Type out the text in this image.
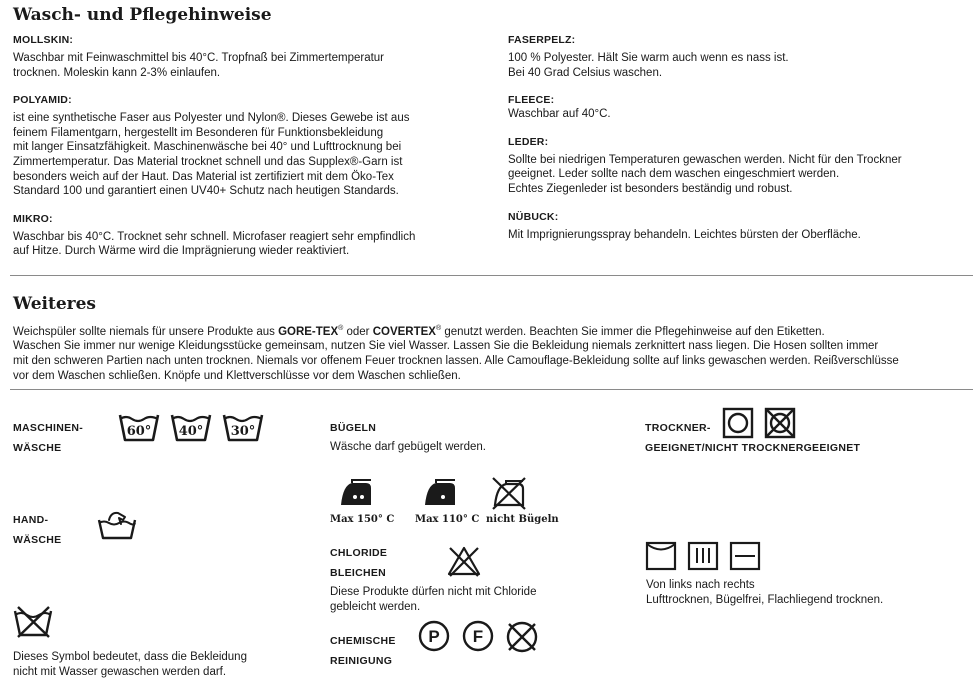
Wasch- und Pflegehinweise
MOLLSKIN:
Waschbar mit Feinwaschmittel bis 40°C. Tropfnaß bei Zimmertemperatur
trocknen. Moleskin kann 2-3% einlaufen.
POLYAMID:
ist eine synthetische Faser aus Polyester und Nylon®. Dieses Gewebe ist aus
feinem Filamentgarn, hergestellt im Besonderen für Funktionsbekleidung
mit langer Einsatzfähigkeit. Maschinenwäsche bei 40° und Lufttrocknung bei
Zimmertemperatur. Das Material trocknet schnell und das Supplex®-Garn ist
besonders weich auf der Haut. Das Material ist zertifiziert mit dem Öko-Tex
Standard 100 und garantiert einen UV40+ Schutz nach heutigen Standards.
MIKRO:
Waschbar bis 40°C. Trocknet sehr schnell. Microfaser reagiert sehr empfindlich
auf Hitze. Durch Wärme wird die Imprägnierung wieder reaktiviert.
FASERPELZ:
100 % Polyester. Hält Sie warm auch wenn es nass ist.
Bei 40 Grad Celsius waschen.
FLEECE:
Waschbar auf 40°C.
LEDER:
Sollte bei niedrigen Temperaturen gewaschen werden. Nicht für den Trockner
geeignet. Leder sollte nach dem waschen eingeschmiert werden.
Echtes Ziegenleder ist besonders beständig und robust.
NÜBUCK:
Mit Imprignierungsspray behandeln. Leichtes bürsten der Oberfläche.
Weiteres
Weichspüler sollte niemals für unsere Produkte aus GORE-TEX® oder COVERTEX® genutzt werden. Beachten Sie immer die Pflegehinweise auf den Etiketten.
Waschen Sie immer nur wenige Kleidungsstücke gemeinsam, nutzen Sie viel Wasser. Lassen Sie die Bekleidung niemals zerknittert nass liegen. Die Hosen sollten immer
mit den schweren Partien nach unten trocknen. Niemals vor offenem Feuer trocknen lassen. Alle Camouflage-Bekleidung sollte auf links gewaschen werden. Reißverschlüsse
vor dem Waschen schließen. Knöpfe und Klettverschlüsse vor dem Waschen schließen.
MASCHINEN-
WÄSCHE
60° 40° 30°
HAND-
WÄSCHE
Dieses Symbol bedeutet, dass die Bekleidung
nicht mit Wasser gewaschen werden darf.
BÜGELN
Wäsche darf gebügelt werden.
Max 150° C Max 110° C nicht Bügeln
CHLORIDE
BLEICHEN
Diese Produkte dürfen nicht mit Chloride
gebleicht werden.
CHEMISCHE
REINIGUNG
P F
TROCKNER-
GEEIGNET/NICHT TROCKNERGEEIGNET
Von links nach rechts
Lufttrocknen, Bügelfrei, Flachliegend trocknen.
